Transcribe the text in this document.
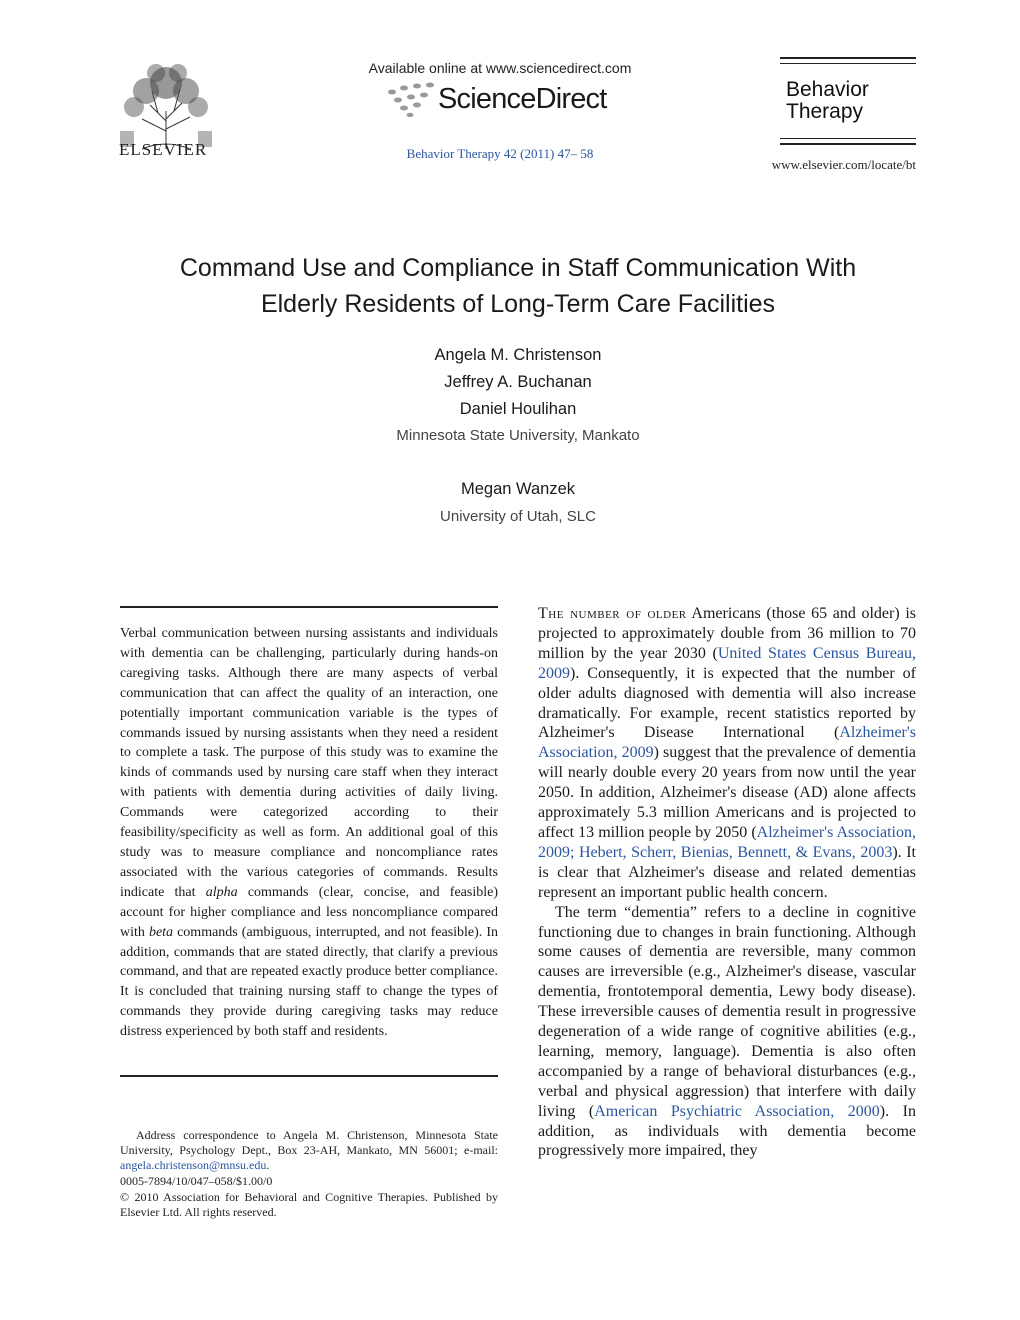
ELSEVIER
Available online at www.sciencedirect.com
ScienceDirect
Behavior Therapy 42 (2011) 47– 58
Behavior
Therapy
www.elsevier.com/locate/bt
Command Use and Compliance in Staff Communication With
Elderly Residents of Long-Term Care Facilities
Angela M. Christenson
Jeffrey A. Buchanan
Daniel Houlihan
Minnesota State University, Mankato
Megan Wanzek
University of Utah, SLC
Verbal communication between nursing assistants and individuals with dementia can be challenging, particularly during hands-on caregiving tasks. Although there are many aspects of verbal communication that can affect the quality of an interaction, one potentially important communication variable is the types of commands issued by nursing assistants when they need a resident to complete a task. The purpose of this study was to examine the kinds of commands used by nursing care staff when they interact with patients with dementia during activities of daily living. Commands were categorized according to their feasibility/specificity as well as form. An additional goal of this study was to measure compliance and noncompliance rates associated with the various categories of commands. Results indicate that alpha commands (clear, concise, and feasible) account for higher compliance and less noncompliance compared with beta commands (ambiguous, interrupted, and not feasible). In addition, commands that are stated directly, that clarify a previous command, and that are repeated exactly produce better compliance. It is concluded that training nursing staff to change the types of commands they provide during caregiving tasks may reduce distress experienced by both staff and residents.
Address correspondence to Angela M. Christenson, Minnesota State University, Psychology Dept., Box 23-AH, Mankato, MN 56001; e-mail: angela.christenson@mnsu.edu.
0005-7894/10/047–058/$1.00/0
© 2010 Association for Behavioral and Cognitive Therapies. Published by Elsevier Ltd. All rights reserved.

The number of older Americans (those 65 and older) is projected to approximately double from 36 million to 70 million by the year 2030 (United States Census Bureau, 2009). Consequently, it is expected that the number of older adults diagnosed with dementia will also increase dramatically. For example, recent statistics reported by Alzheimer's Disease International (Alzheimer's Association, 2009) suggest that the prevalence of dementia will nearly double every 20 years from now until the year 2050. In addition, Alzheimer's disease (AD) alone affects approximately 5.3 million Americans and is projected to affect 13 million people by 2050 (Alzheimer's Association, 2009; Hebert, Scherr, Bienias, Bennett, & Evans, 2003). It is clear that Alzheimer's disease and related dementias represent an important public health concern.

The term “dementia” refers to a decline in cognitive functioning due to changes in brain functioning. Although some causes of dementia are reversible, many common causes are irreversible (e.g., Alzheimer's disease, vascular dementia, frontotemporal dementia, Lewy body disease). These irreversible causes of dementia result in progressive degeneration of a wide range of cognitive abilities (e.g., learning, memory, language). Dementia is also often accompanied by a range of behavioral disturbances (e.g., verbal and physical aggression) that interfere with daily living (American Psychiatric Association, 2000). In addition, as individuals with dementia become progressively more impaired, they
